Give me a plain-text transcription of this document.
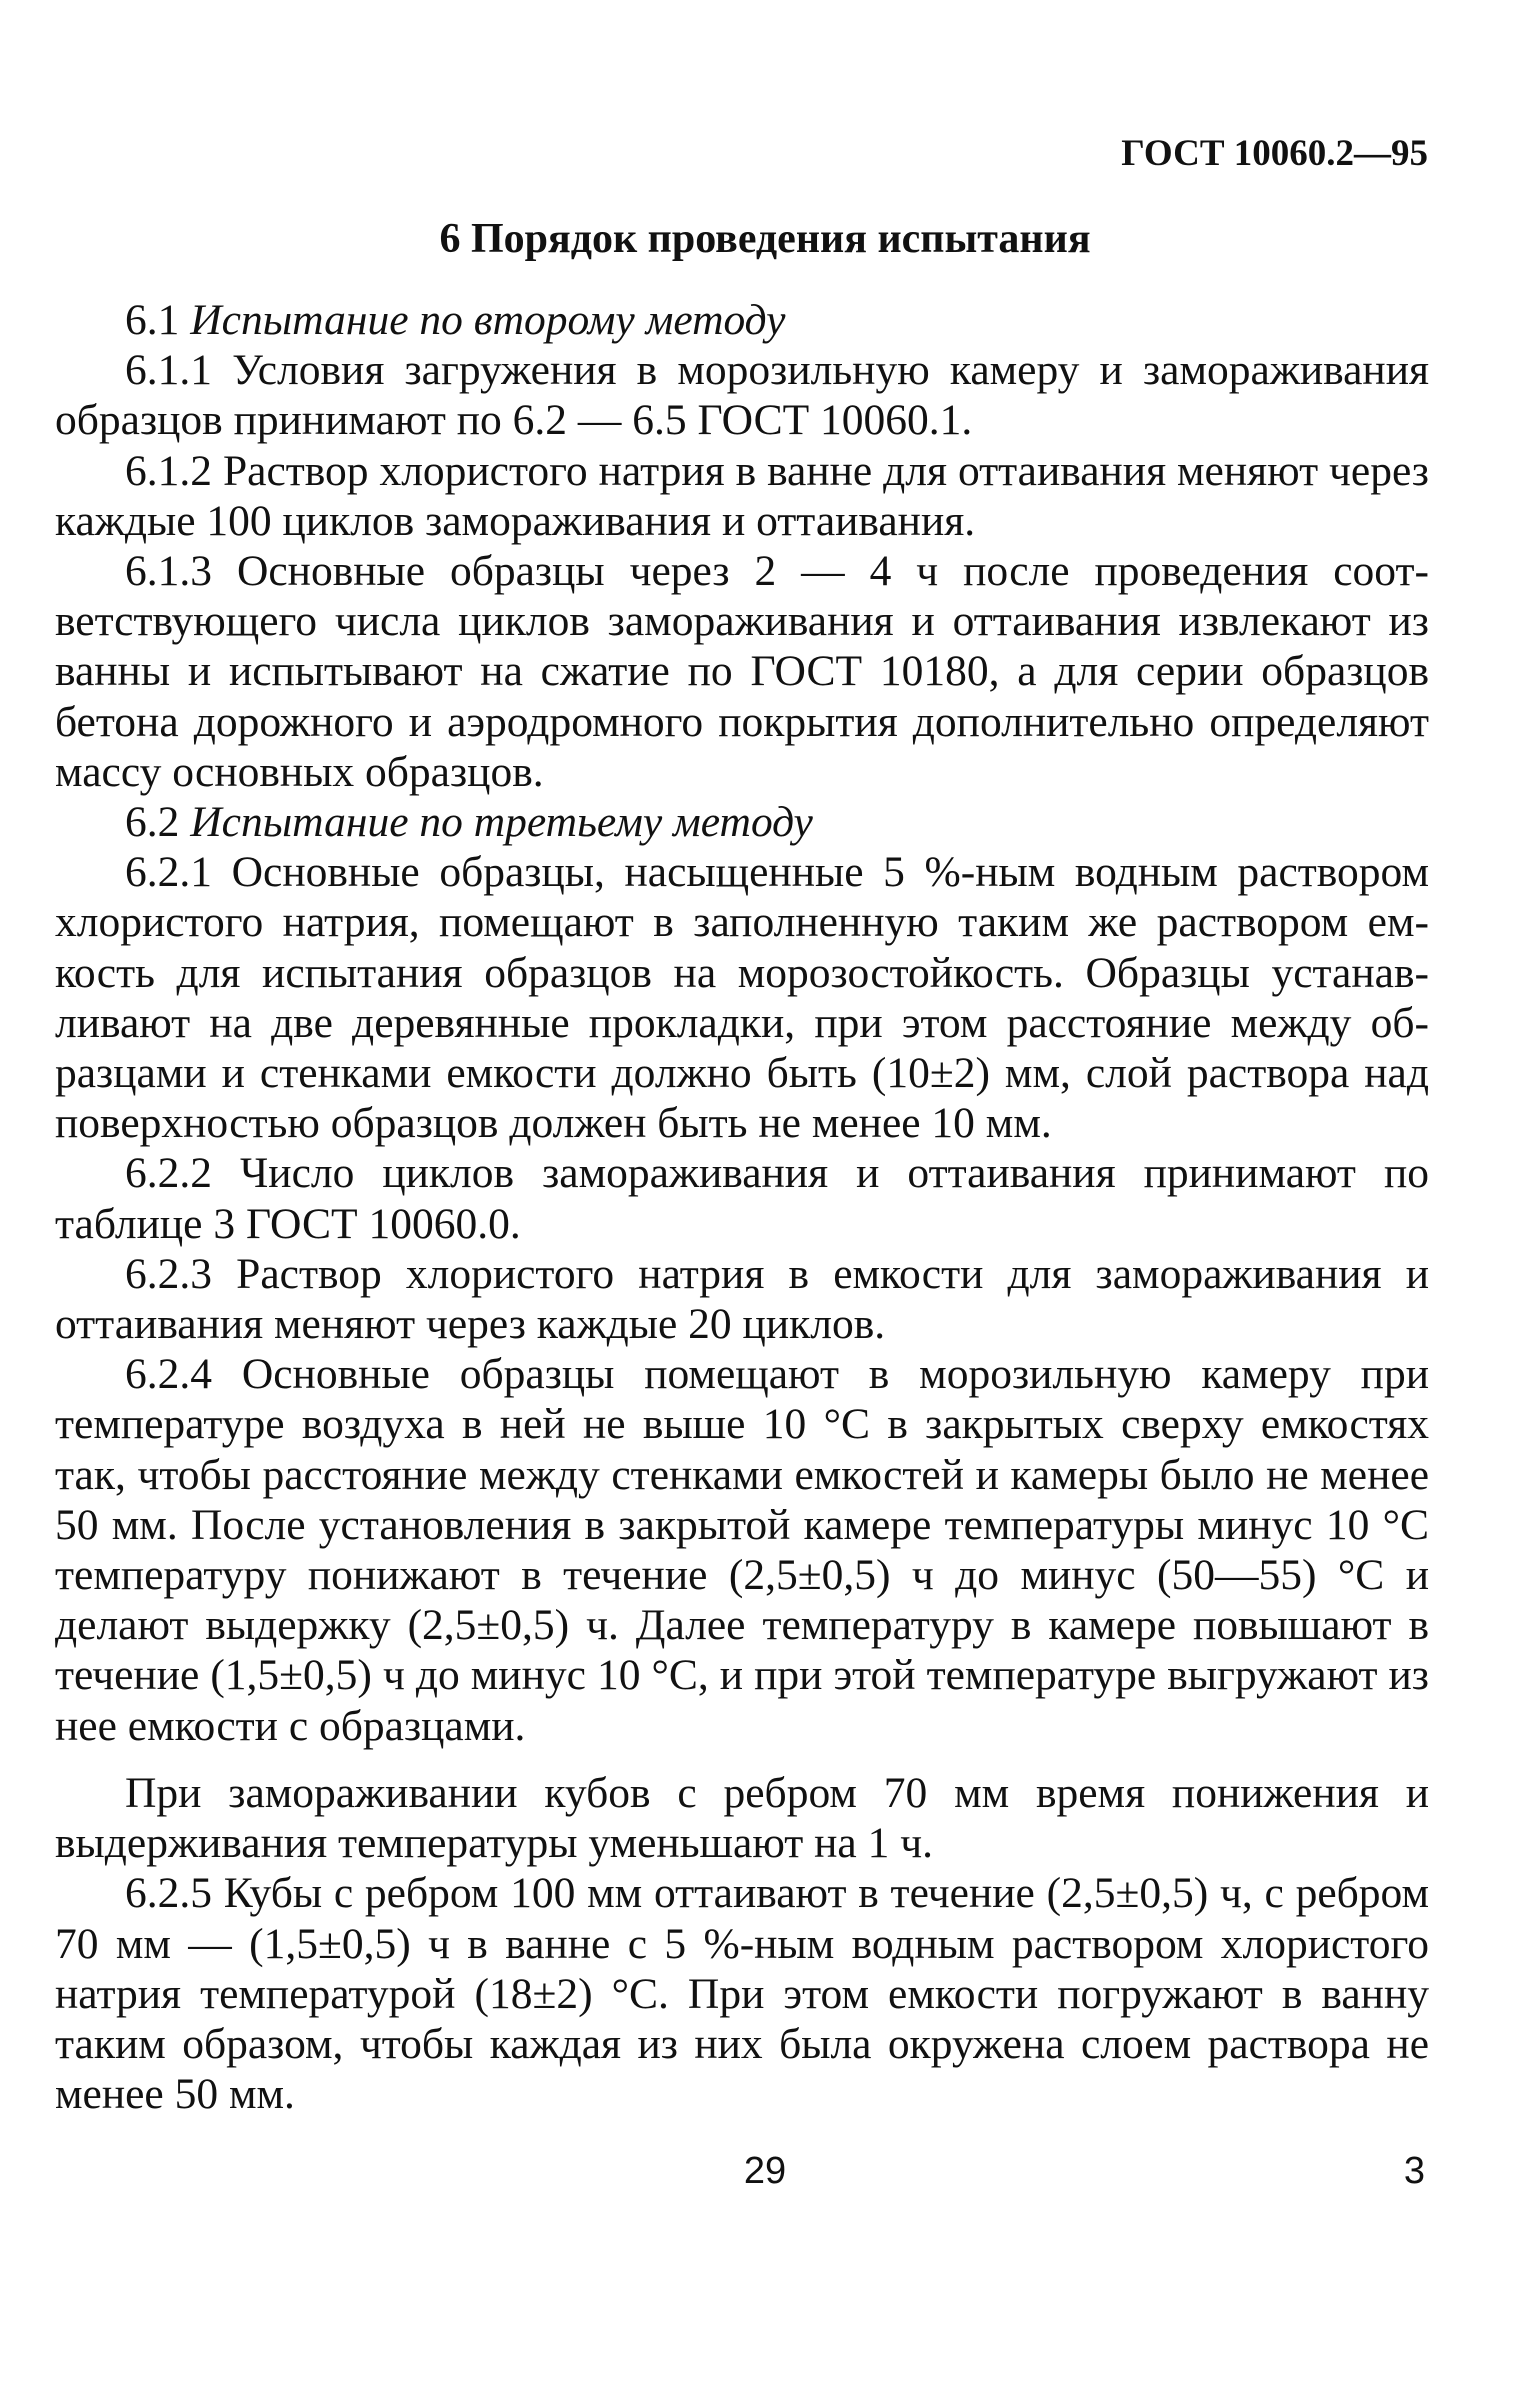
ГОСТ 10060.2—95
6 Порядок проведения испытания

6.1 Испытание по второму методу

6.1.1 Условия загружения в морозильную камеру и замораживания образцов принимают по 6.2 — 6.5 ГОСТ 10060.1.

6.1.2 Раствор хлористого натрия в ванне для оттаивания меняют через каждые 100 циклов замораживания и оттаивания.

6.1.3 Основные образцы через 2 — 4 ч после проведения соответствующего числа циклов замораживания и оттаивания извлекают из ванны и испытывают на сжатие по ГОСТ 10180, а для серии образцов бетона дорожного и аэродромного покрытия дополнительно определяют массу основных образцов.

6.2 Испытание по третьему методу

6.2.1 Основные образцы, насыщенные 5 %-ным водным раствором хлористого натрия, помещают в заполненную таким же раствором емкость для испытания образцов на морозостойкость. Образцы устанавливают на две деревянные прокладки, при этом расстояние между образцами и стенками емкости должно быть (10±2) мм, слой раствора над поверхностью образцов должен быть не менее 10 мм.

6.2.2 Число циклов замораживания и оттаивания принимают по таблице 3 ГОСТ 10060.0.

6.2.3 Раствор хлористого натрия в емкости для замораживания и оттаивания меняют через каждые 20 циклов.

6.2.4 Основные образцы помещают в морозильную камеру при температуре воздуха в ней не выше 10 °С в закрытых сверху емкостях так, чтобы расстояние между стенками емкостей и камеры было не менее 50 мм. После установления в закрытой камере температуры минус 10 °С температуру понижают в течение (2,5±0,5) ч до минус (50—55) °С и делают выдержку (2,5±0,5) ч. Далее температуру в камере повышают в течение (1,5±0,5) ч до минус 10 °С, и при этой температуре выгружают из нее емкости с образцами.

При замораживании кубов с ребром 70 мм время понижения и выдерживания температуры уменьшают на 1 ч.

6.2.5 Кубы с ребром 100 мм оттаивают в течение (2,5±0,5) ч, с ребром 70 мм — (1,5±0,5) ч в ванне с 5 %-ным водным раствором хлористого натрия температурой (18±2) °С. При этом емкости погружают в ванну таким образом, чтобы каждая из них была окружена слоем раствора не менее 50 мм.

29	3
